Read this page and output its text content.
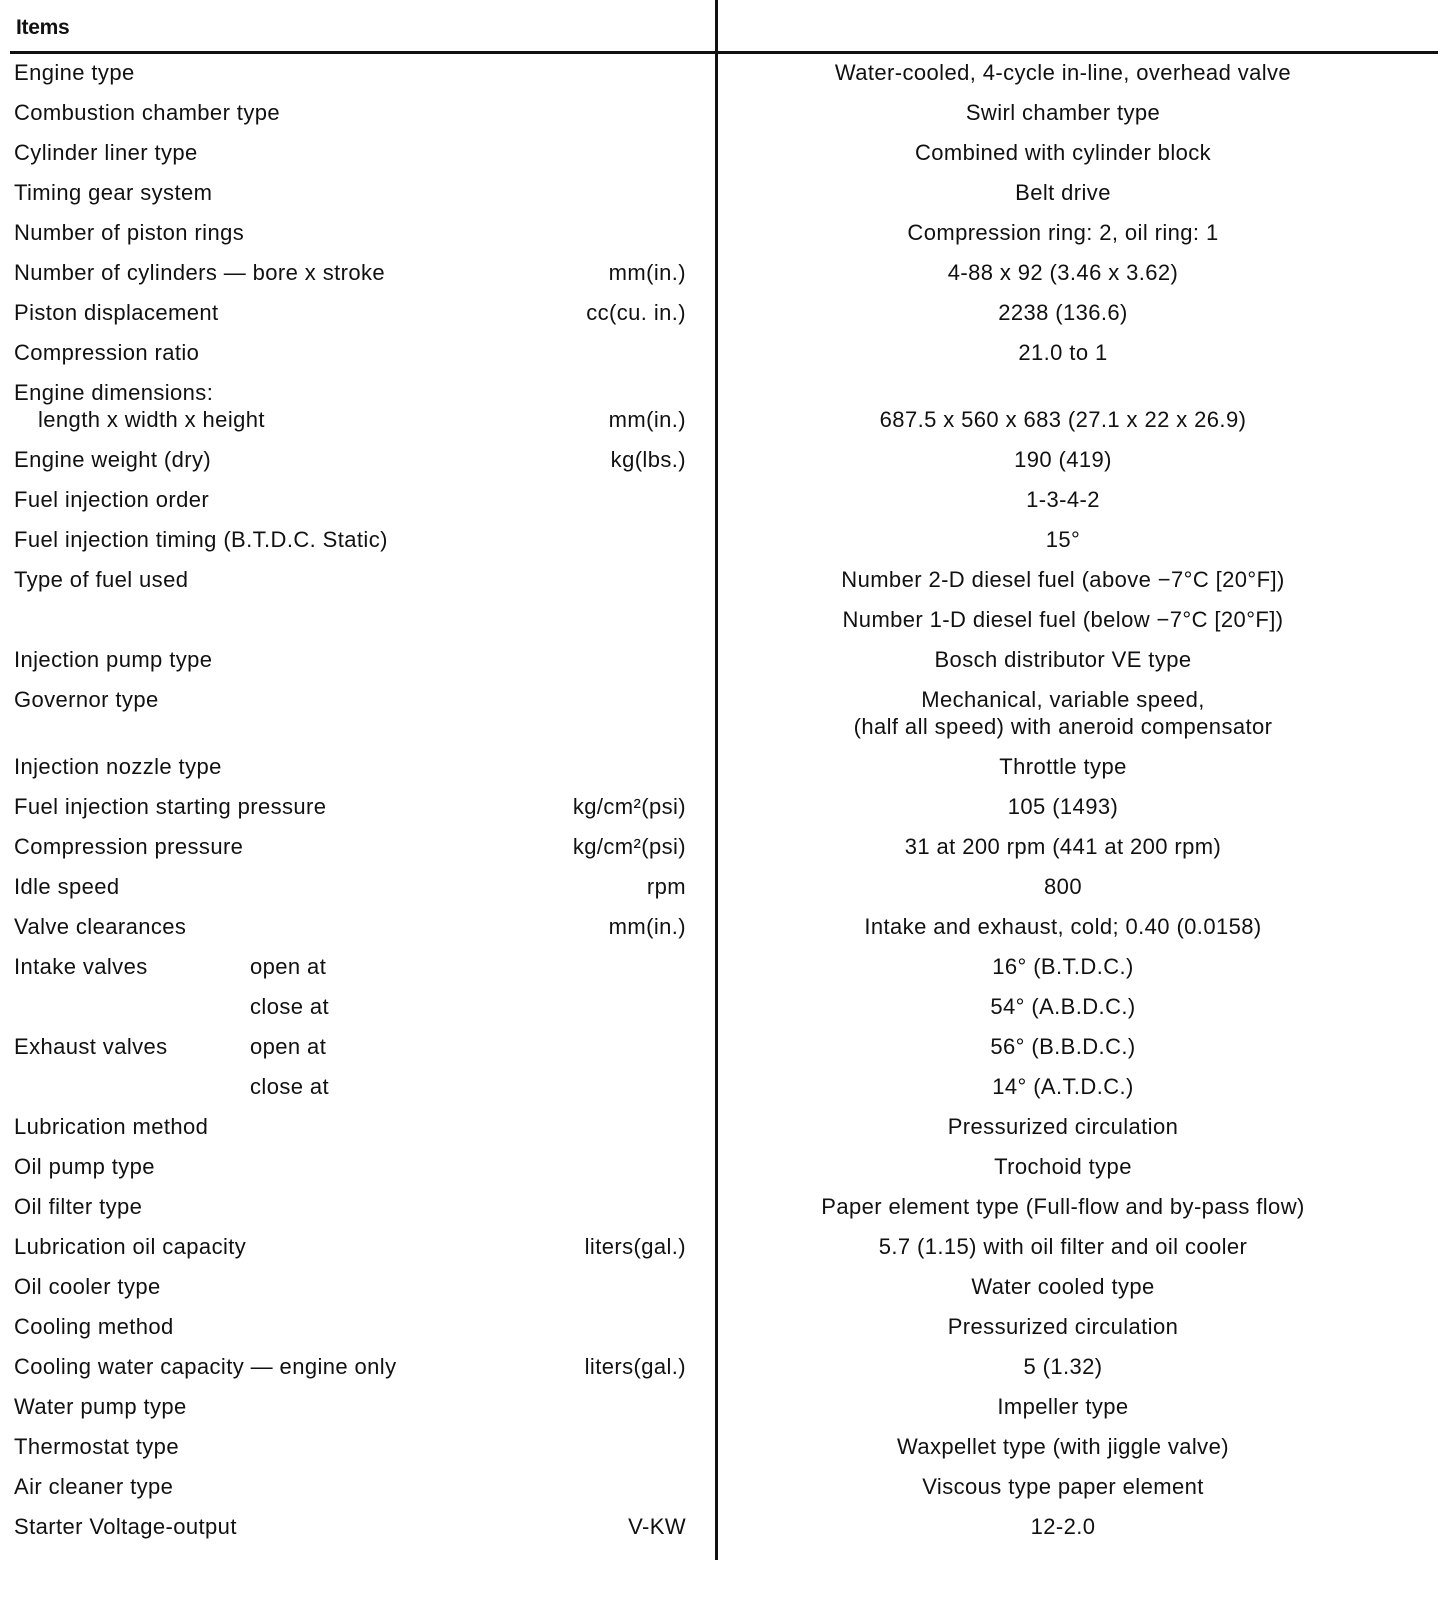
Items
Engine type	Water-cooled, 4-cycle in-line, overhead valve
Combustion chamber type	Swirl chamber type
Cylinder liner type	Combined with cylinder block
Timing gear system	Belt drive
Number of piston rings	Compression ring: 2, oil ring: 1
Number of cylinders — bore x stroke	mm(in.)	4-88 x 92 (3.46 x 3.62)
Piston displacement	cc(cu. in.)	2238 (136.6)
Compression ratio	21.0 to 1
Engine dimensions:
length x width x height	mm(in.)	687.5 x 560 x 683 (27.1 x 22 x 26.9)
Engine weight (dry)	kg(lbs.)	190 (419)
Fuel injection order	1-3-4-2
Fuel injection timing (B.T.D.C. Static)	15°
Type of fuel used	Number 2-D diesel fuel (above −7°C [20°F])
Number 1-D diesel fuel (below −7°C [20°F])
Injection pump type	Bosch distributor VE type
Governor type	Mechanical, variable speed,
(half all speed) with aneroid compensator
Injection nozzle type	Throttle type
Fuel injection starting pressure	kg/cm²(psi)	105 (1493)
Compression pressure	kg/cm²(psi)	31 at 200 rpm (441 at 200 rpm)
Idle speed	rpm	800
Valve clearances	mm(in.)	Intake and exhaust, cold; 0.40 (0.0158)
Intake valves	open at	16° (B.T.D.C.)
close at	54° (A.B.D.C.)
Exhaust valves	open at	56° (B.B.D.C.)
close at	14° (A.T.D.C.)
Lubrication method	Pressurized circulation
Oil pump type	Trochoid type
Oil filter type	Paper element type (Full-flow and by-pass flow)
Lubrication oil capacity	liters(gal.)	5.7 (1.15) with oil filter and oil cooler
Oil cooler type	Water cooled type
Cooling method	Pressurized circulation
Cooling water capacity — engine only	liters(gal.)	5 (1.32)
Water pump type	Impeller type
Thermostat type	Waxpellet type (with jiggle valve)
Air cleaner type	Viscous type paper element
Starter Voltage-output	V-KW	12-2.0
